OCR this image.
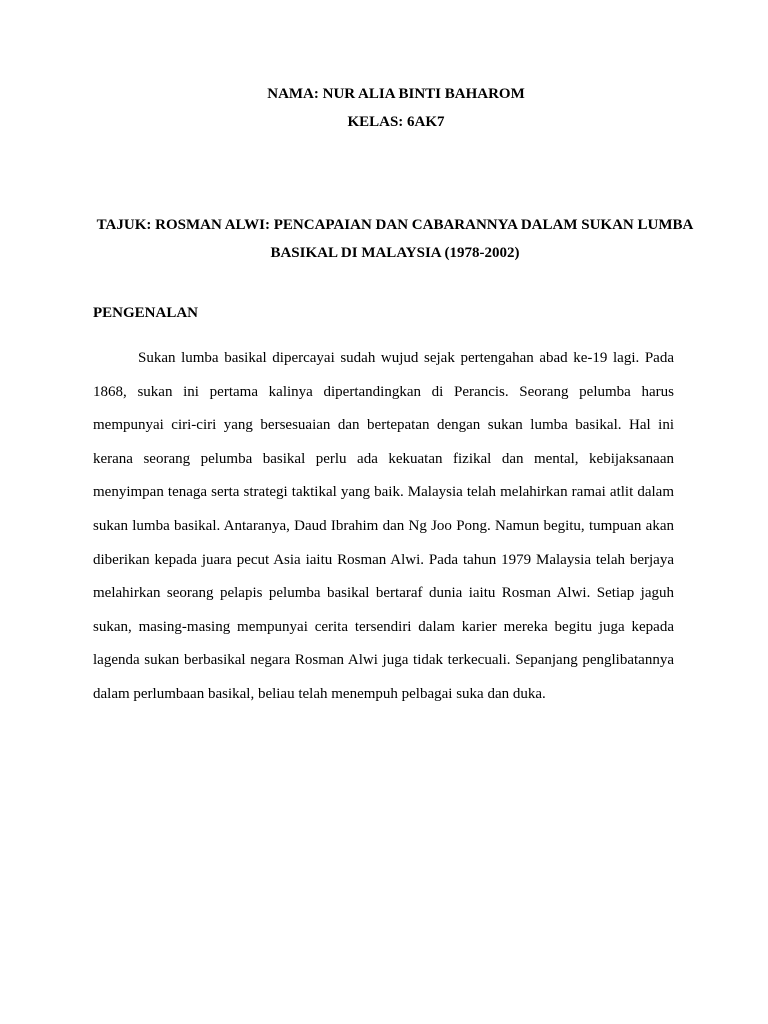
NAMA: NUR ALIA BINTI BAHAROM
KELAS: 6AK7
TAJUK: ROSMAN ALWI: PENCAPAIAN DAN CABARANNYA DALAM SUKAN LUMBA BASIKAL DI MALAYSIA (1978-2002)
PENGENALAN

Sukan lumba basikal dipercayai sudah wujud sejak pertengahan abad ke-19 lagi. Pada 1868, sukan ini pertama kalinya dipertandingkan di Perancis. Seorang pelumba harus mempunyai ciri-ciri yang bersesuaian dan bertepatan dengan sukan lumba basikal. Hal ini kerana seorang pelumba basikal perlu ada kekuatan fizikal dan mental, kebijaksanaan menyimpan tenaga serta strategi taktikal yang baik. Malaysia telah melahirkan ramai atlit dalam sukan lumba basikal. Antaranya, Daud Ibrahim dan Ng Joo Pong. Namun begitu, tumpuan akan diberikan kepada juara pecut Asia iaitu Rosman Alwi. Pada tahun 1979 Malaysia telah berjaya melahirkan seorang pelapis pelumba basikal bertaraf dunia iaitu Rosman Alwi. Setiap jaguh sukan, masing-masing mempunyai cerita tersendiri dalam karier mereka begitu juga kepada lagenda sukan berbasikal negara Rosman Alwi juga tidak terkecuali. Sepanjang penglibatannya dalam perlumbaan basikal, beliau telah menempuh pelbagai suka dan duka.
